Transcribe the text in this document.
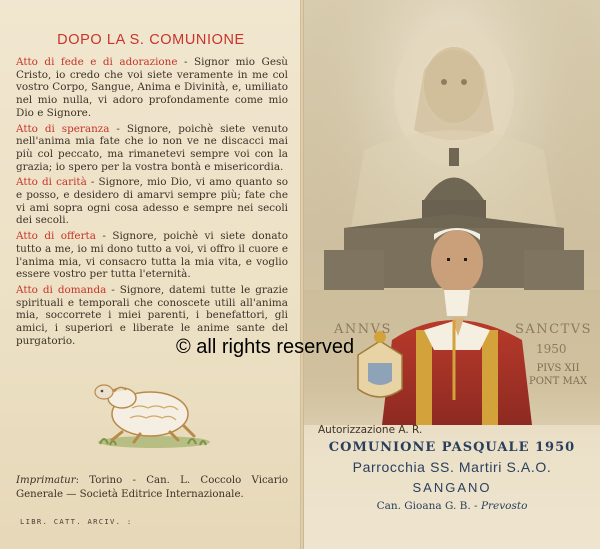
DOPO LA S. COMUNIONE

Atto di fede e di adorazione - Signor mio Gesù Cristo, io credo che voi siete veramente in me col vostro Corpo, Sangue, Anima e Divinità, e, umiliato nel mio nulla, vi adoro profondamente come mio Dio e Signore.

Atto di speranza - Signore, poichè siete venuto nell'anima mia fate che io non ve ne discacci mai più col peccato, ma rimanetevi sempre voi con la grazia; io spero per la vostra bontà e misericordia.

Atto di carità - Signore, mio Dio, vi amo quanto so e posso, e desidero di amarvi sempre più; fate che vi ami sopra ogni cosa adesso e sempre nei secoli dei secoli.

Atto di offerta - Signore, poichè vi siete donato tutto a me, io mi dono tutto a voi, vi offro il cuore e l'anima mia, vi consacro tutta la mia vita, e voglio essere vostro per tutta l'eternità.

Atto di domanda - Signore, datemi tutte le grazie spirituali e temporali che conoscete utili all'anima mia, soccorrete i miei parenti, i benefattori, gli amici, i superiori e liberate le anime sante del purgatorio.

Imprimatur: Torino - Can. L. Coccolo Vicario Generale — Società Editrice Internazionale.
LIBR. CATT. ARCIV. :
ANNVS	SANCTVS
1950
PIVS XII
PONT MAX
Autorizzazione A. R.
COMUNIONE PASQUALE 1950
Parrocchia SS. Martiri S.A.O.
SANGANO
Can. Gioana G. B. - Prevosto
© all rights reserved
